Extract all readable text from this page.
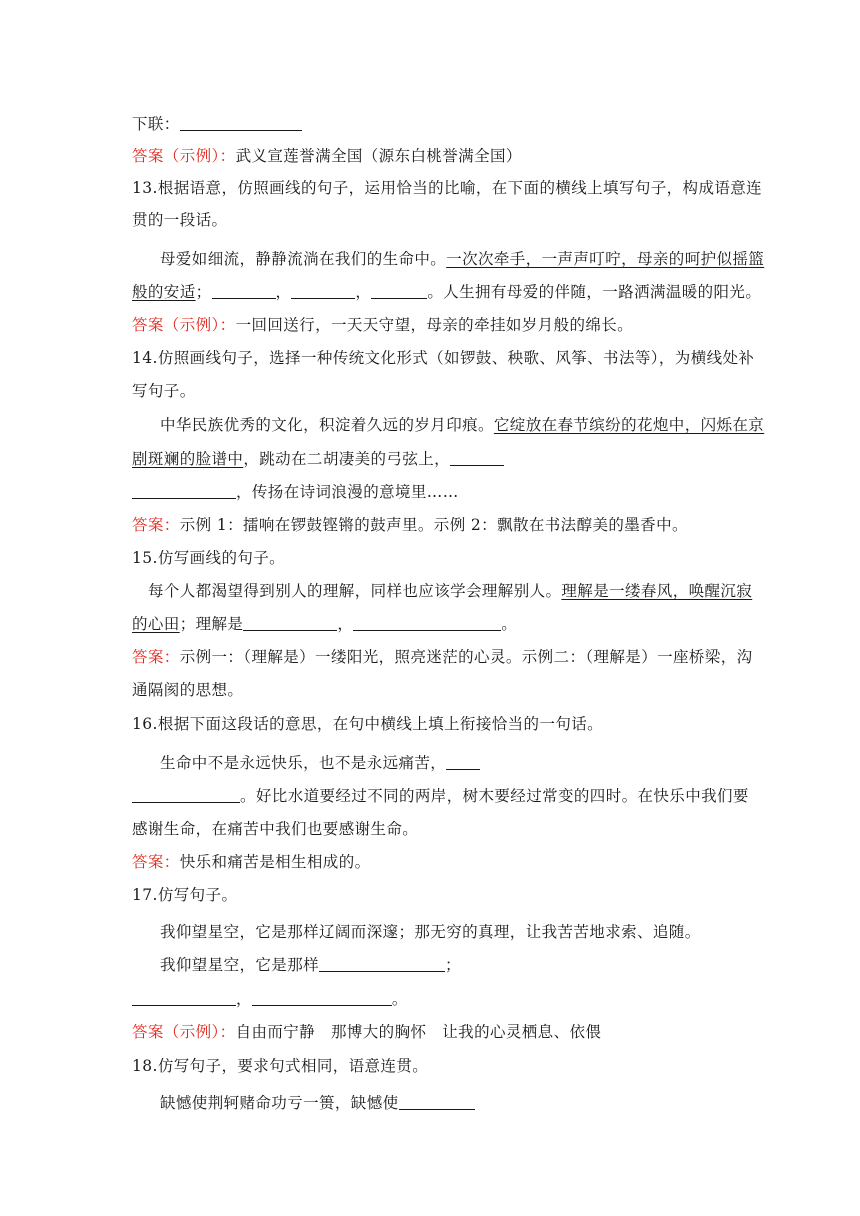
下联：
答案（示例）：武义宣莲誉满全国（源东白桃誉满全国）
13.根据语意，仿照画线的句子，运用恰当的比喻，在下面的横线上填写句子，构成语意连
贯的一段话。
母爱如细流，静静流淌在我们的生命中。一次次牵手，一声声叮咛，母亲的呵护似摇篮
般的安适；	，	，	。人生拥有母爱的伴随，一路洒满温暖的阳光。
答案（示例）：一回回送行，一天天守望，母亲的牵挂如岁月般的绵长。
14.仿照画线句子，选择一种传统文化形式（如锣鼓、秧歌、风筝、书法等），为横线处补
写句子。
中华民族优秀的文化，积淀着久远的岁月印痕。它绽放在春节缤纷的花炮中，闪烁在京
剧斑斓的脸谱中，跳动在二胡凄美的弓弦上，
，传扬在诗词浪漫的意境里……
答案：示例 1：擂响在锣鼓铿锵的鼓声里。示例 2：飘散在书法醇美的墨香中。
15.仿写画线的句子。
每个人都渴望得到别人的理解，同样也应该学会理解别人。理解是一缕春风，唤醒沉寂
的心田；理解是	，	。
答案：示例一：（理解是）一缕阳光，照亮迷茫的心灵。示例二：（理解是）一座桥梁，沟
通隔阂的思想。
16.根据下面这段话的意思，在句中横线上填上衔接恰当的一句话。
生命中不是永远快乐，也不是永远痛苦，
。好比水道要经过不同的两岸，树木要经过常变的四时。在快乐中我们要
感谢生命，在痛苦中我们也要感谢生命。
答案：快乐和痛苦是相生相成的。
17.仿写句子。
我仰望星空，它是那样辽阔而深邃；那无穷的真理，让我苦苦地求索、追随。
我仰望星空，它是那样	；
，	。
答案（示例）：自由而宁静　那博大的胸怀　让我的心灵栖息、依偎
18.仿写句子，要求句式相同，语意连贯。
缺憾使荆轲赌命功亏一篑，缺憾使
